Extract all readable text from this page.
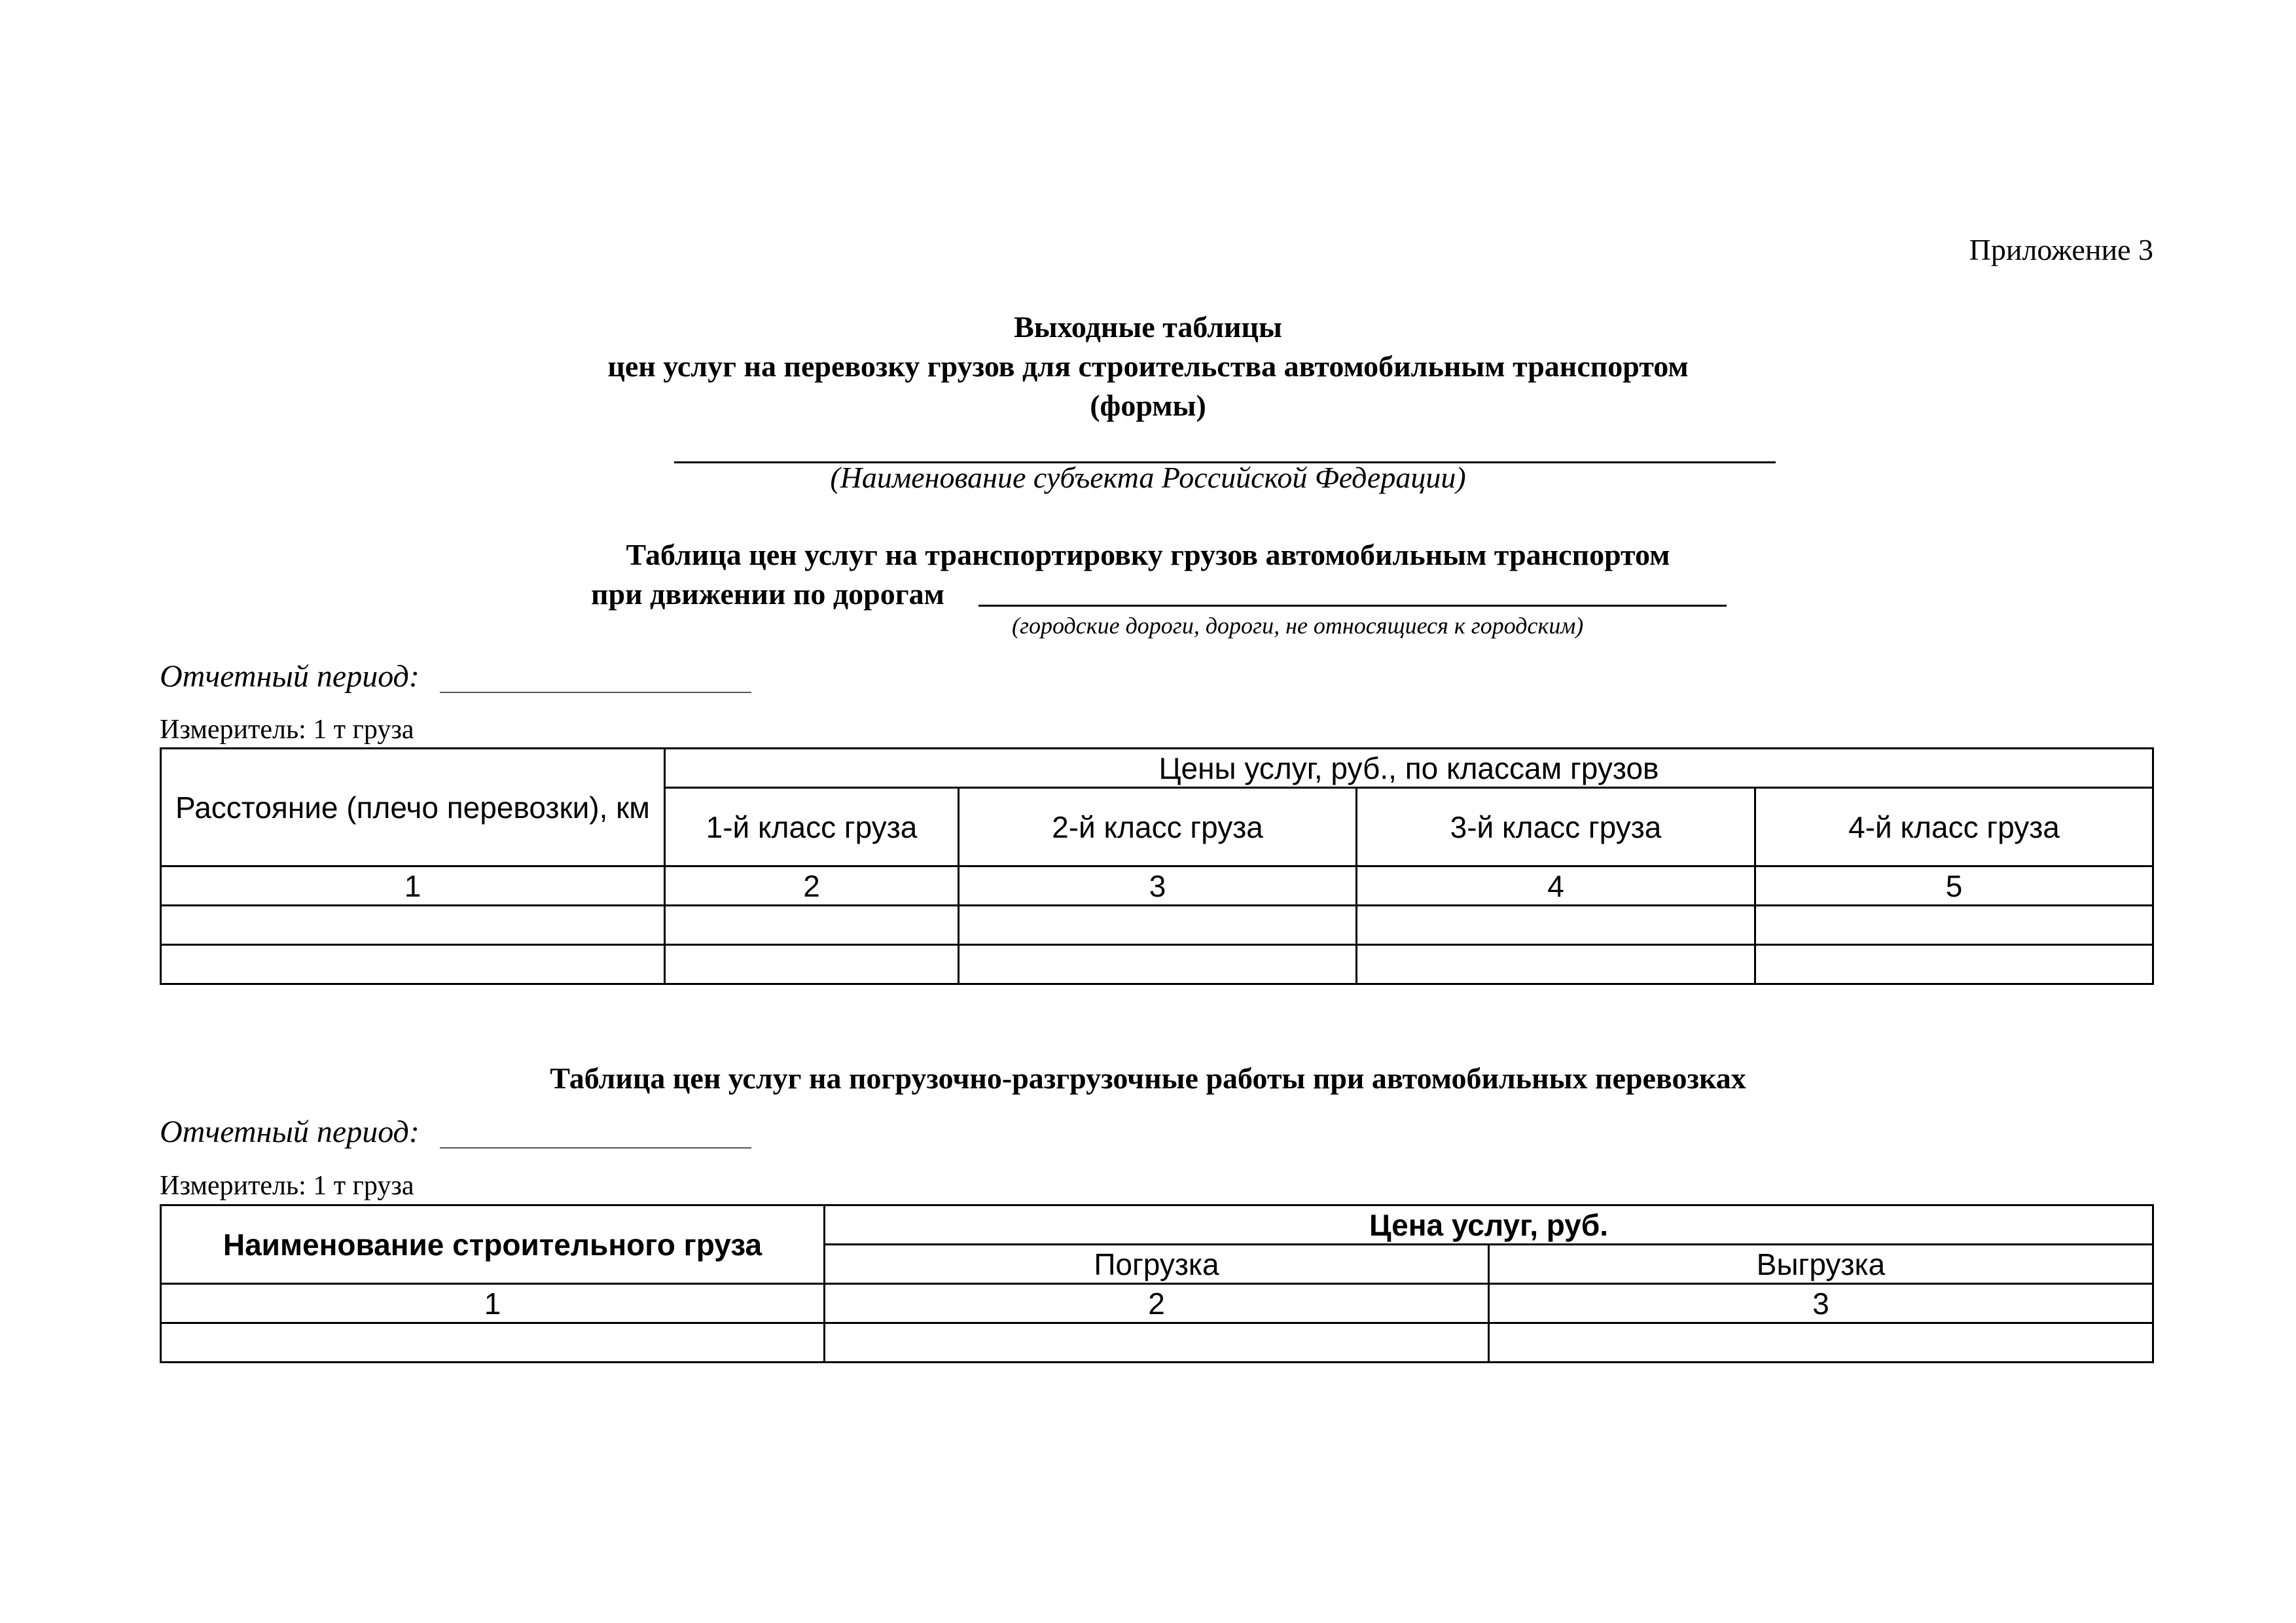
Приложение 3
Выходные таблицы
цен услуг на перевозку грузов для строительства автомобильным транспортом
(формы)
(Наименование субъекта Российской Федерации)
Таблица цен услуг на транспортировку грузов автомобильным транспортом
при движении по дорогам
(городские дороги, дороги, не относящиеся к городским)
Отчетный период:
Измеритель: 1 т груза
Расстояние (плечо перевозки), км	Цены услуг, руб., по классам грузов			
	1-й класс груза	2-й класс груза	3-й класс груза	4-й класс груза
1	2	3	4	5

Таблица цен услуг на погрузочно-разгрузочные работы при автомобильных перевозках
Отчетный период:
Измеритель: 1 т груза
Наименование строительного груза	Цена услуг, руб.	
	Погрузка	Выгрузка
1	2	3
